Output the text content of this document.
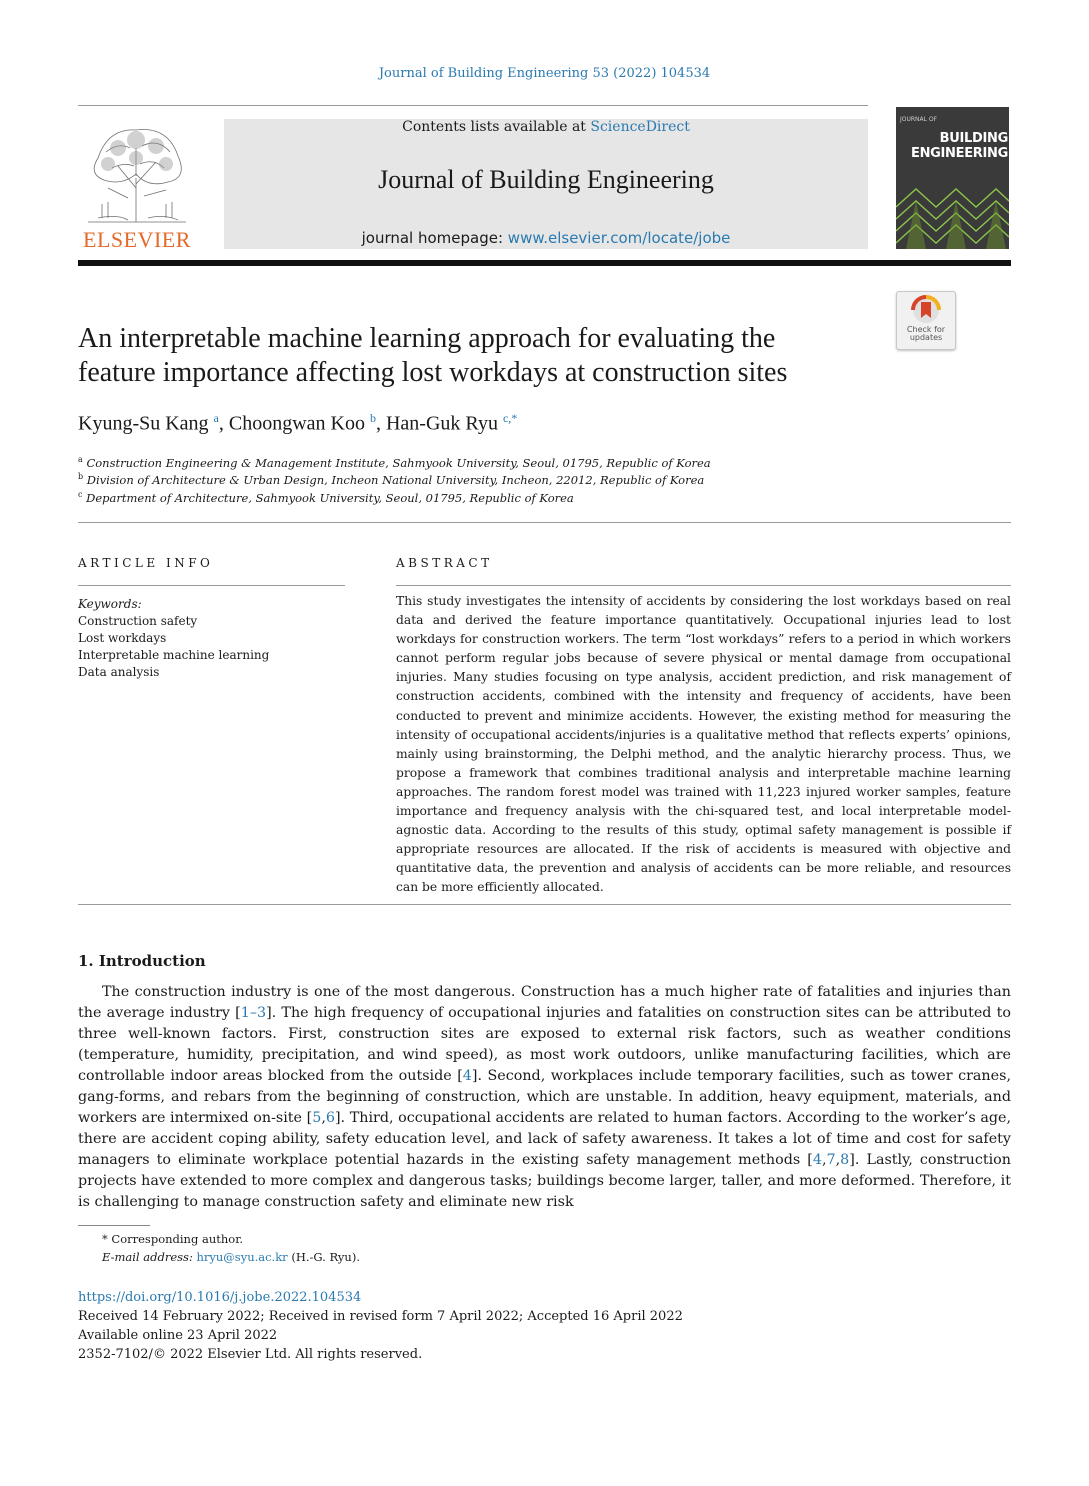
Journal of Building Engineering 53 (2022) 104534
ELSEVIER
Contents lists available at ScienceDirect
Journal of Building Engineering
journal homepage: www.elsevier.com/locate/jobe
JOURNAL OF
BUILDING
ENGINEERING
Check for
updates
An interpretable machine learning approach for evaluating the
feature importance affecting lost workdays at construction sites
Kyung-Su Kang $^a$, Choongwan Koo $^b$, Han-Guk Ryu $^{c,*}$
$^a$ Construction Engineering & Management Institute, Sahmyook University, Seoul, 01795, Republic of Korea
$^b$ Division of Architecture & Urban Design, Incheon National University, Incheon, 22012, Republic of Korea
$^c$ Department of Architecture, Sahmyook University, Seoul, 01795, Republic of Korea
ARTICLE INFO
Keywords:
Construction safety
Lost workdays
Interpretable machine learning
Data analysis
ABSTRACT
This study investigates the intensity of accidents by considering the lost workdays based on real data and derived the feature importance quantitatively. Occupational injuries lead to lost workdays for construction workers. The term “lost workdays” refers to a period in which workers cannot perform regular jobs because of severe physical or mental damage from occupational injuries. Many studies focusing on type analysis, accident prediction, and risk management of construction accidents, combined with the intensity and frequency of accidents, have been conducted to prevent and minimize accidents. However, the existing method for measuring the intensity of occupational accidents/injuries is a qualitative method that reflects experts’ opinions, mainly using brainstorming, the Delphi method, and the analytic hierarchy process. Thus, we propose a framework that combines traditional analysis and interpretable machine learning approaches. The random forest model was trained with 11,223 injured worker samples, feature importance and frequency analysis with the chi-squared test, and local interpretable model-agnostic data. According to the results of this study, optimal safety management is possible if appropriate resources are allocated. If the risk of accidents is measured with objective and quantitative data, the prevention and analysis of accidents can be more reliable, and resources can be more efficiently allocated.
1. Introduction
The construction industry is one of the most dangerous. Construction has a much higher rate of fatalities and injuries than the average industry [1–3]. The high frequency of occupational injuries and fatalities on construction sites can be attributed to three well-known factors. First, construction sites are exposed to external risk factors, such as weather conditions (temperature, humidity, precipitation, and wind speed), as most work outdoors, unlike manufacturing facilities, which are controllable indoor areas blocked from the outside [4]. Second, workplaces include temporary facilities, such as tower cranes, gang-forms, and rebars from the beginning of construction, which are unstable. In addition, heavy equipment, materials, and workers are intermixed on-site [5,6]. Third, occupational accidents are related to human factors. According to the worker’s age, there are accident coping ability, safety education level, and lack of safety awareness. It takes a lot of time and cost for safety managers to eliminate workplace potential hazards in the existing safety management methods [4,7,8]. Lastly, construction projects have extended to more complex and dangerous tasks; buildings become larger, taller, and more deformed. Therefore, it is challenging to manage construction safety and eliminate new risk
* Corresponding author.
E-mail address: hryu@syu.ac.kr (H.-G. Ryu).
https://doi.org/10.1016/j.jobe.2022.104534
Received 14 February 2022; Received in revised form 7 April 2022; Accepted 16 April 2022
Available online 23 April 2022
2352-7102/© 2022 Elsevier Ltd. All rights reserved.
